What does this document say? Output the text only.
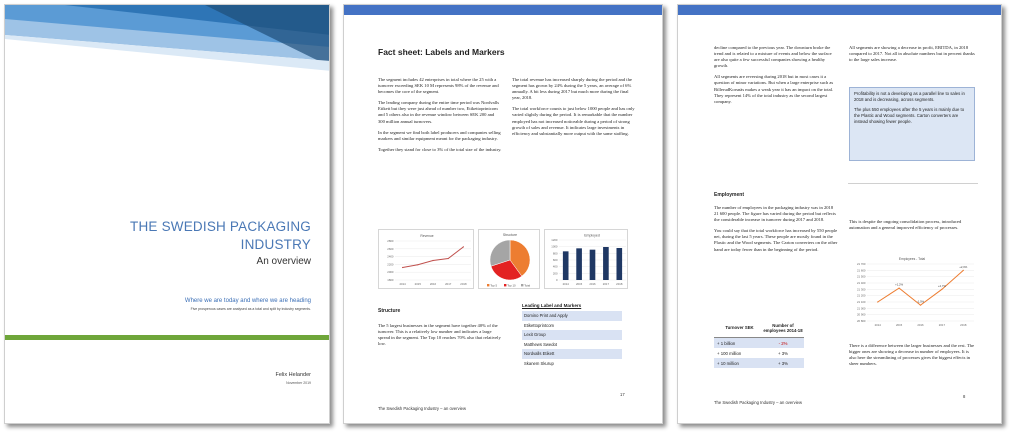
THE SWEDISH PACKAGING
INDUSTRY
An overview
Where we are today and where we are heading
Five prosperous cases are analysed as a total and split by industry segments.
Felix Helander
November 2019
Fact sheet: Labels and Markers

The segment includes 42 enterprises in total where the 25 with a turnover exceeding SEK 10 M represents 98% of the revenue and becomes the core of the segment.

The leading company during the entire time period was Nordvalls Etikett but they were just ahead of number two, Etikettoprintcom and 5 others also in the revenue window between SEK 200 and 300 million annual turnovers.

In the segment we find both label producers and companies selling markers and similar equipment meant for the packaging industry.

Together they stand for close to 3% of the total size of the industry.

The total revenue has increased sharply during the period and the segment has grown by 24% during the 5 years, an average of 6% annually. A bit less during 2017 but much more during the final year, 2018.

The total workforce counts to just below 1000 people and has only varied slightly during the period. It is remarkable that the number employed has not increased noticeable during a period of strong growth of sales and revenue. It indicates large investments in efficiency and substantially more output with the same staffing.

Revenue
1800
2000
2200
2400
2600
2800
2014	2015	2016	2017	2018
Structure
Top 5	Top 10	Total
Employed
0
200
400
600
800
1000
1200
2014	2015	2016	2017	2018
Structure
The 5 largest businesses in the segment have together 40% of the turnover. This is a relatively low number and indicates a large spread in the segment. The Top 10 reaches 70% also that relatively low.
Leading Label and Markers
Domino Print and Apply
Etikettoprintcom
Lexit Group
Matthews Swedot
Nordvalls Etikett
Skanem Skurup
The Swedish Packaging Industry – an overview
17

decline compared to the previous year. The downturn broke the trend and is related to a mixture of events and below the surface are also quite a few successful companies showing a healthy growth.

All segments are reversing during 2018 but in most cases it a question of minor variations. But when a large enterprise such as BillerudKorsnäs makes a weak year it has an impact on the total. They represent 14% of the total industry as the second largest company.

All segments are showing a decrease in profit, EBITDA, in 2018 compared to 2017. Not all in absolute numbers but in percent thanks to the large sales increase.

Profitability is not a developing as a parallel line to sales in 2018 and is decreasing, across segments.

The plus 550 employees after the 5 years is mainly due to the Plastic and Wood segments. Carton converters are instead showing fewer people.

Employment

The number of employees in the packaging industry was in 2018 21 600 people. The figure has varied during the period but reflects the considerable increase in turnover during 2017 and 2018.

You could say that the total workforce has increased by 550 people net, during the last 5 years. These people are mostly found in the Plastic and the Wood segments. The Carton converters on the other hand are today fewer than in the beginning of the period.

This is despite the ongoing consolidation process, introduced automation and a general improved efficiency of processes.
Employees - Total
20 800
20 900
21 000
21 100
21 200
21 300
21 400
21 500
21 600
21 700
2014	2015	2016	2017	2018
+1,2%
-1,5%
+4,7%
+2,0%
Turnover SEK	Number of employees 2014-18
+ 1 billion	- 2%
+ 100 million	+ 3%
+ 10 million	+ 3%
There is a difference between the larger businesses and the rest. The bigger ones are showing a decrease in number of employees. It is also here the streamlining of processes gives the biggest effects in sheer numbers.
The Swedish Packaging Industry – an overview
8
